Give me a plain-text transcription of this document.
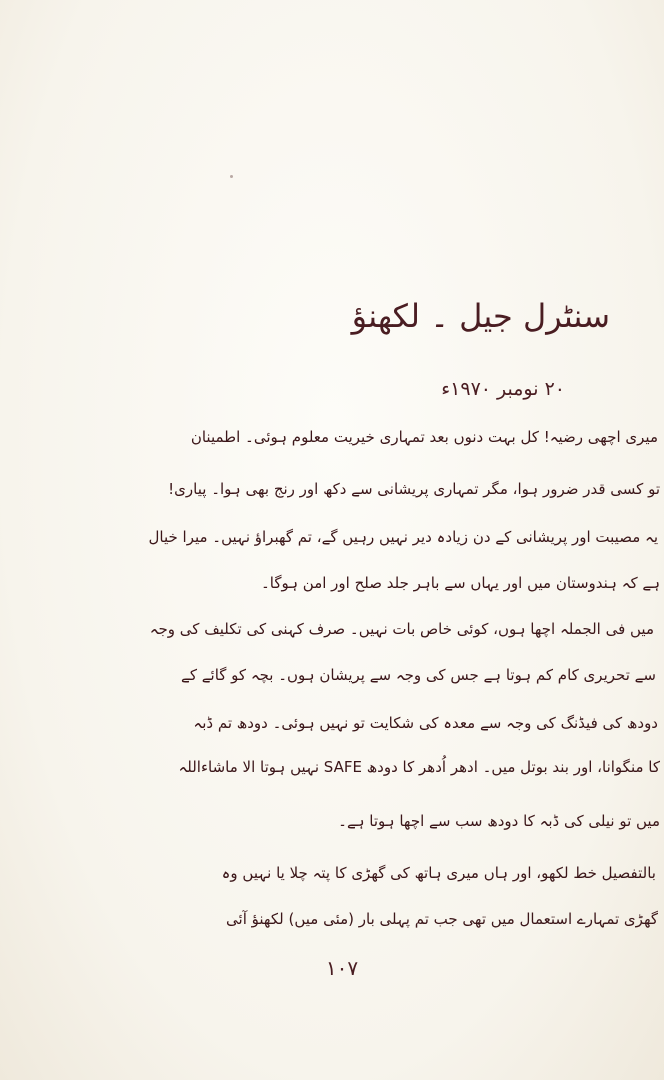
سنٹرل جیل ۔ لکھنؤ
۲۰ نومبر ۱۹۷۰ء
میری اچھی رضیہ! کل بہت دنوں بعد تمہاری خیریت معلوم ہوئی۔ اطمینان
تو کسی قدر ضرور ہوا، مگر تمہاری پریشانی سے دکھ اور رنج بھی ہوا۔ پیاری!
یہ مصیبت اور پریشانی کے دن زیادہ دیر نہیں رہیں گے، تم گھبراؤ نہیں۔ میرا خیال
ہے کہ ہندوستان میں اور یہاں سے باہر جلد صلح اور امن ہوگا۔
میں فی الجملہ اچھا ہوں، کوئی خاص بات نہیں۔ صرف کہنی کی تکلیف کی وجہ
سے تحریری کام کم ہوتا ہے جس کی وجہ سے پریشان ہوں۔ بچہ کو گائے کے
دودھ کی فیڈنگ کی وجہ سے معدہ کی شکایت تو نہیں ہوئی۔ دودھ تم ڈبہ
کا منگوانا، اور بند بوتل میں۔ ادھر اُدھر کا دودھ SAFE نہیں ہوتا الا ماشاءاللہ
میں تو نیلی کی ڈبہ کا دودھ سب سے اچھا ہوتا ہے۔
بالتفصیل خط لکھو، اور ہاں میری ہاتھ کی گھڑی کا پتہ چلا یا نہیں وہ
گھڑی تمہارے استعمال میں تھی جب تم پہلی بار (مئی میں) لکھنؤ آئی
۱۰۷
